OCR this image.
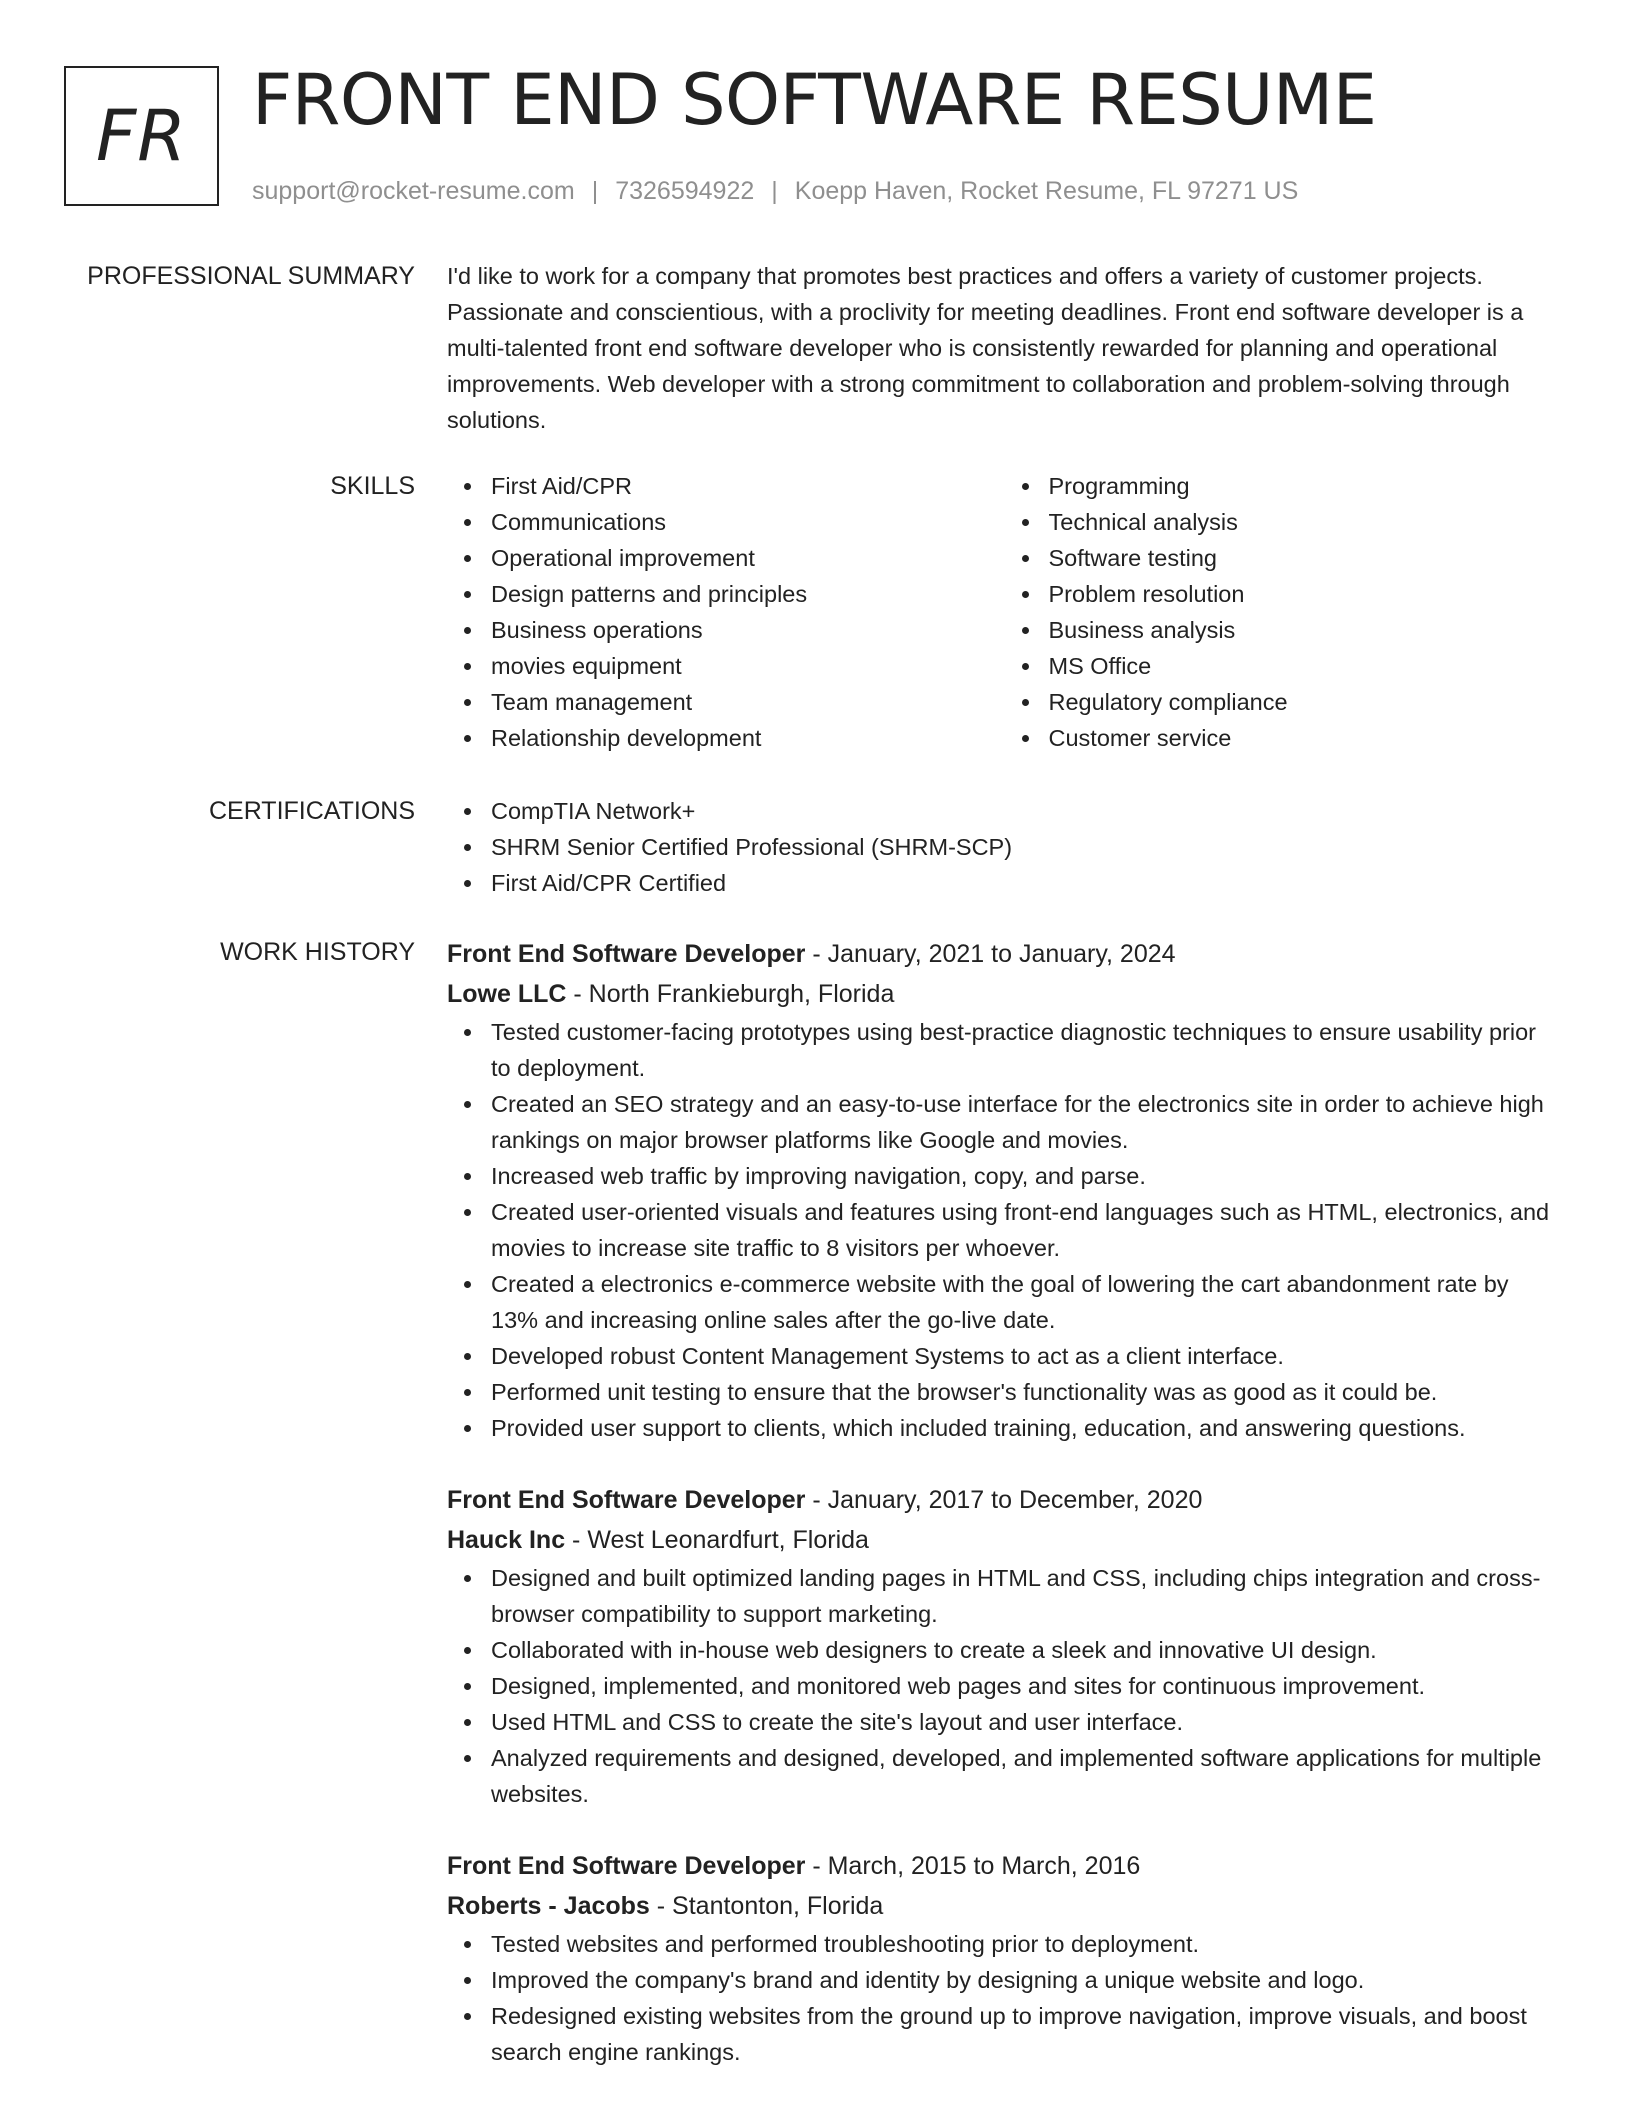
FR FRONT END SOFTWARE RESUME
support@rocket-resume.com | 7326594922 | Koepp Haven, Rocket Resume, FL 97271 US
PROFESSIONAL SUMMARY I'd like to work for a company that promotes best practices and offers a variety of customer projects. Passionate and conscientious, with a proclivity for meeting deadlines. Front end software developer is a multi-talented front end software developer who is consistently rewarded for planning and operational improvements. Web developer with a strong commitment to collaboration and problem-solving through solutions.

SKILLS	First Aid/CPR
Communications
Operational improvement
Design patterns and principles
Business operations
movies equipment
Team management
Relationship development
Programming
Technical analysis
Software testing
Problem resolution
Business analysis
MS Office
Regulatory compliance
Customer service
CERTIFICATIONS	CompTIA Network+
SHRM Senior Certified Professional (SHRM-SCP)
First Aid/CPR Certified
WORK HISTORY Front End Software Developer - January, 2021 to January, 2024
Lowe LLC - North Frankieburgh, Florida
Tested customer-facing prototypes using best-practice diagnostic techniques to ensure usability prior to deployment.
Created an SEO strategy and an easy-to-use interface for the electronics site in order to achieve high rankings on major browser platforms like Google and movies.
Increased web traffic by improving navigation, copy, and parse.
Created user-oriented visuals and features using front-end languages such as HTML, electronics, and movies to increase site traffic to 8 visitors per whoever.
Created a electronics e-commerce website with the goal of lowering the cart abandonment rate by 13% and increasing online sales after the go-live date.
Developed robust Content Management Systems to act as a client interface.
Performed unit testing to ensure that the browser's functionality was as good as it could be.
Provided user support to clients, which included training, education, and answering questions.
Front End Software Developer - January, 2017 to December, 2020
Hauck Inc - West Leonardfurt, Florida
Designed and built optimized landing pages in HTML and CSS, including chips integration and cross-browser compatibility to support marketing.
Collaborated with in-house web designers to create a sleek and innovative UI design.
Designed, implemented, and monitored web pages and sites for continuous improvement.
Used HTML and CSS to create the site's layout and user interface.
Analyzed requirements and designed, developed, and implemented software applications for multiple websites.
Front End Software Developer - March, 2015 to March, 2016
Roberts - Jacobs - Stantonton, Florida
Tested websites and performed troubleshooting prior to deployment.
Improved the company's brand and identity by designing a unique website and logo.
Redesigned existing websites from the ground up to improve navigation, improve visuals, and boost search engine rankings.
